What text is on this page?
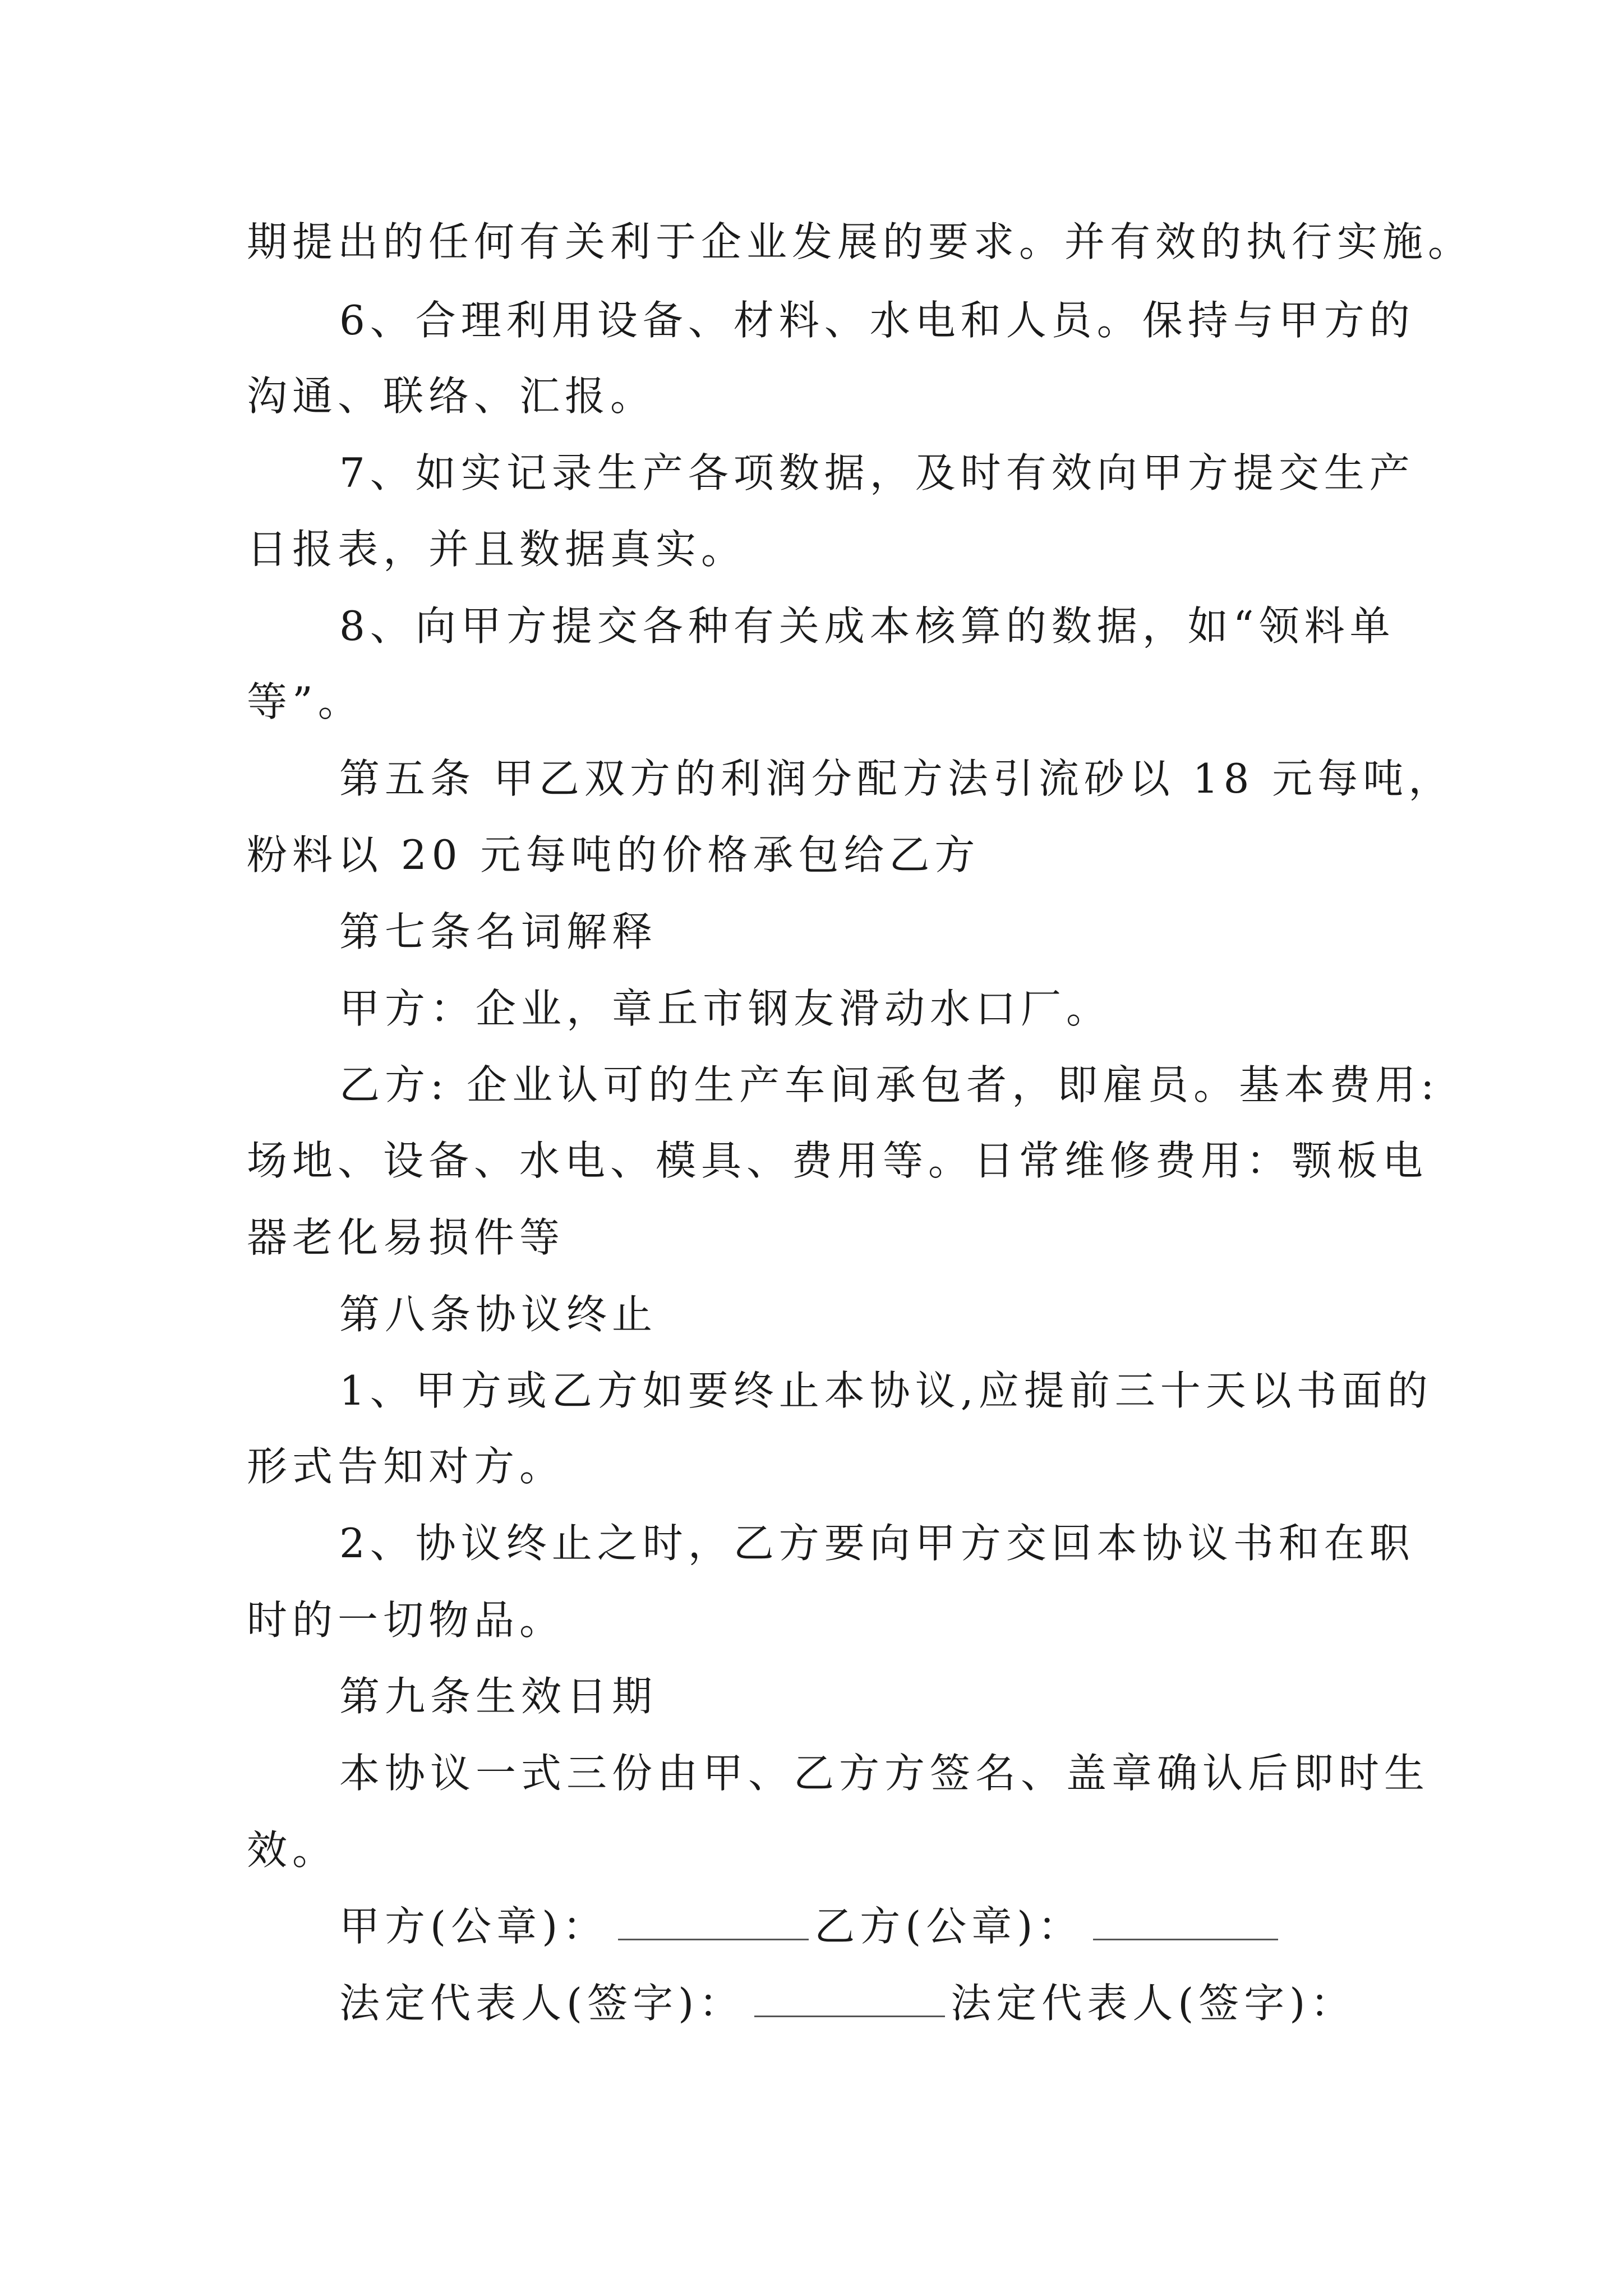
期提出的任何有关利于企业发展的要求。并有效的执行实施。
6、合理利用设备、材料、水电和人员。保持与甲方的
沟通、联络、汇报。
7、如实记录生产各项数据，及时有效向甲方提交生产
日报表，并且数据真实。
8、向甲方提交各种有关成本核算的数据，如“领料单
等”。
第五条 甲乙双方的利润分配方法引流砂以 18 元每吨，
粉料以 20 元每吨的价格承包给乙方
第七条名词解释
甲方：企业，章丘市钢友滑动水口厂。
乙方: 企业认可的生产车间承包者，即雇员。基本费用:
场地、设备、水电、模具、费用等。日常维修费用：颚板电
器老化易损件等
第八条协议终止
1、甲方或乙方如要终止本协议,应提前三十天以书面的
形式告知对方。
2、协议终止之时，乙方要向甲方交回本协议书和在职
时的一切物品。
第九条生效日期
本协议一式三份由甲、乙方方签名、盖章确认后即时生
效。
甲方(公章)：	乙方(公章)：
法定代表人(签字)：	法定代表人(签字)：
